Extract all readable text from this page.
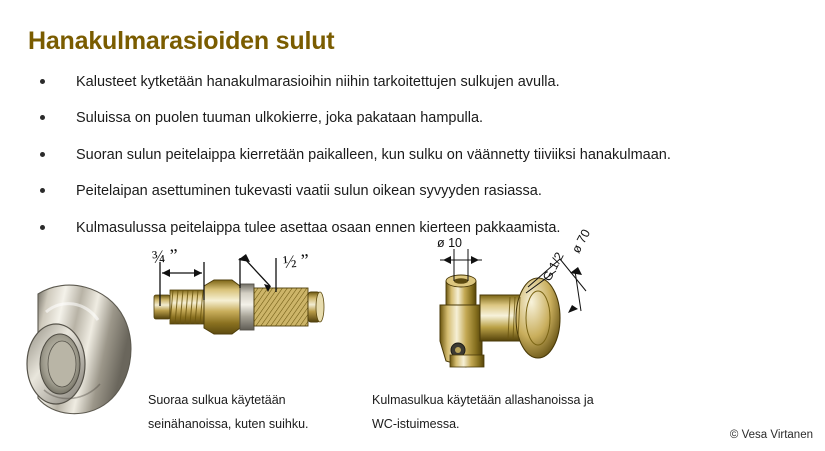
Hanakulmarasioiden sulut
Kalusteet kytketään hanakulmarasioihin niihin tarkoitettujen sulkujen avulla.
Suluissa on puolen tuuman ulkokierre, joka pakataan hampulla.
Suoran sulun peitelaippa kierretään paikalleen, kun sulku on väännetty tiiviiksi hanakulmaan.
Peitelaipan asettuminen tukevasti vaatii sulun oikean syvyyden rasiassa.
Kulmasulussa peitelaippa tulee asettaa osaan ennen kierteen pakkaamista.
¾ ”	½ ”
ø 10	ø 70
G 1/2
Suoraa sulkua käytetään seinähanoissa, kuten suihku.
Kulmasulkua käytetään allashanoissa ja WC-istuimessa.
© Vesa Virtanen
